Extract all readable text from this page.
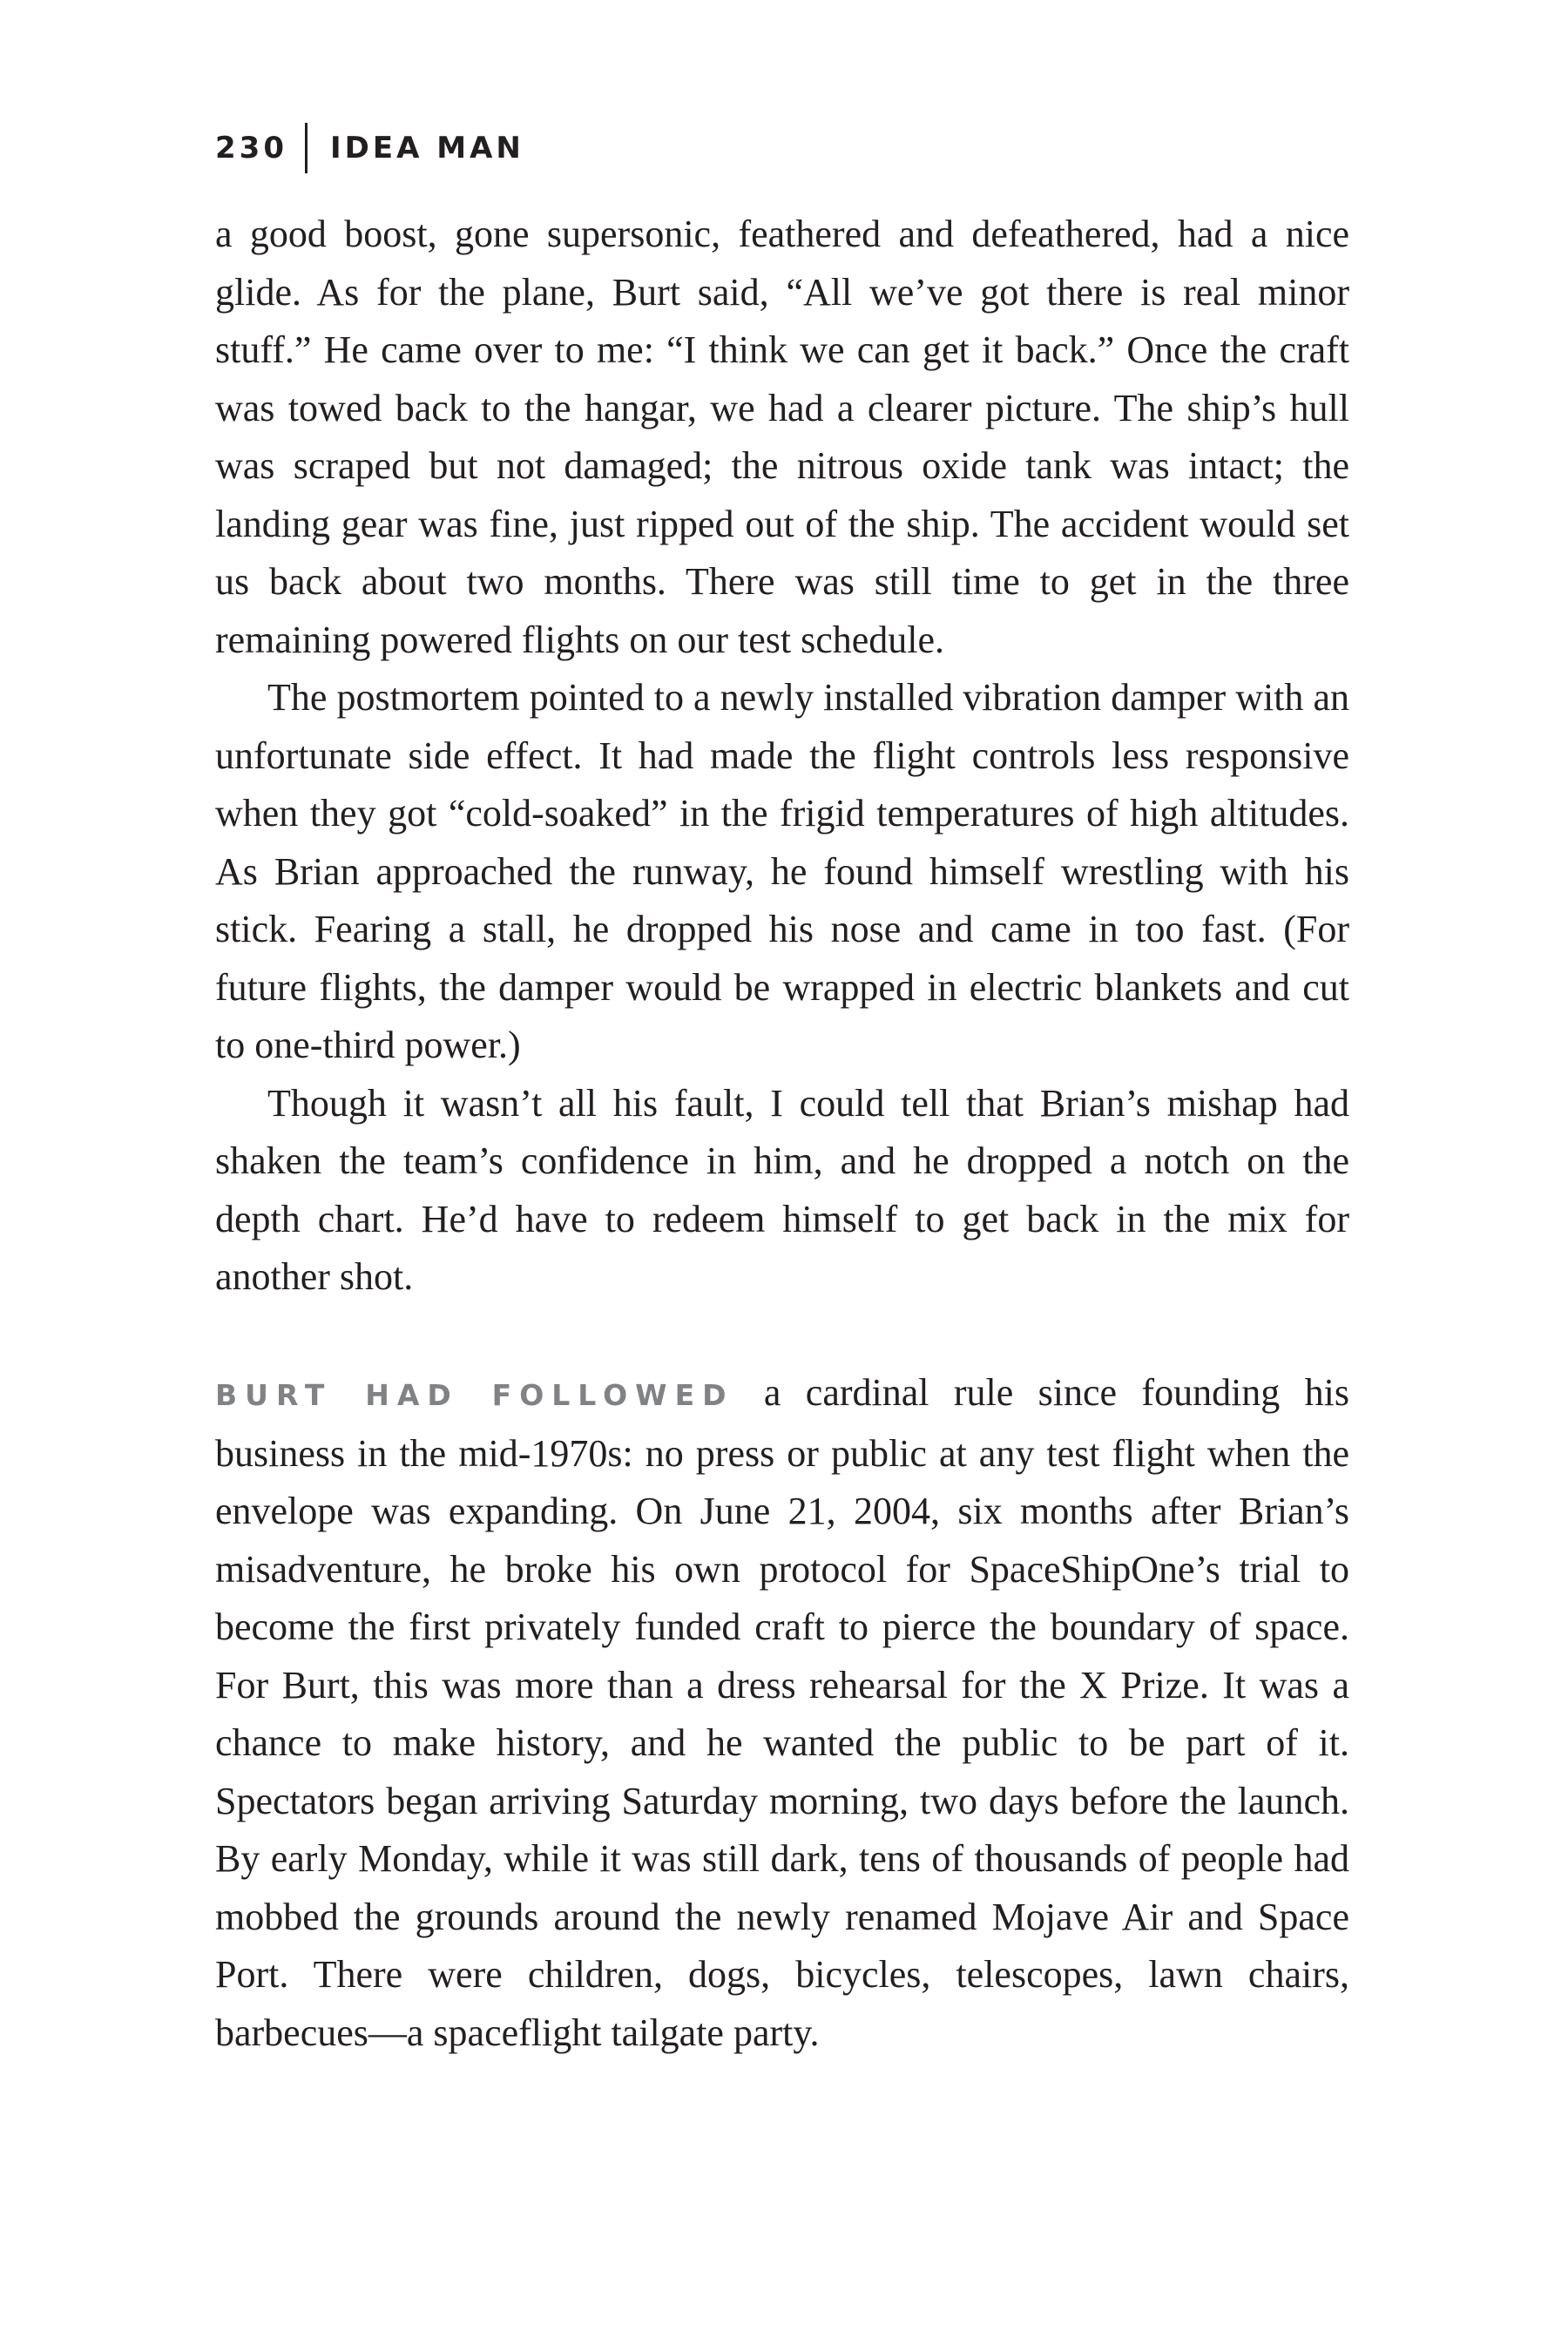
230 IDEA MAN

a good boost, gone supersonic, feathered and defeathered, had a nice glide. As for the plane, Burt said, “All we’ve got there is real minor stuff.” He came over to me: “I think we can get it back.” Once the craft was towed back to the hangar, we had a clearer picture. The ship’s hull was scraped but not damaged; the nitrous oxide tank was intact; the landing gear was fine, just ripped out of the ship. The accident would set us back about two months. There was still time to get in the three remaining powered flights on our test schedule.

The postmortem pointed to a newly installed vibration damper with an unfortunate side effect. It had made the flight controls less responsive when they got “cold-soaked” in the frigid temperatures of high altitudes. As Brian approached the runway, he found himself wrestling with his stick. Fearing a stall, he dropped his nose and came in too fast. (For future flights, the damper would be wrapped in electric blankets and cut to one-third power.)

Though it wasn’t all his fault, I could tell that Brian’s mishap had shaken the team’s confidence in him, and he dropped a notch on the depth chart. He’d have to redeem himself to get back in the mix for another shot.

BURT HAD FOLLOWED a cardinal rule since founding his business in the mid-1970s: no press or public at any test flight when the envelope was expanding. On June 21, 2004, six months after Brian’s misadventure, he broke his own protocol for SpaceShipOne’s trial to become the first privately funded craft to pierce the boundary of space. For Burt, this was more than a dress rehearsal for the X Prize. It was a chance to make history, and he wanted the public to be part of it. Spectators began arriving Saturday morning, two days before the launch. By early Monday, while it was still dark, tens of thousands of people had mobbed the grounds around the newly renamed Mojave Air and Space Port. There were children, dogs, bicycles, telescopes, lawn chairs, barbecues—a spaceflight tailgate party.
